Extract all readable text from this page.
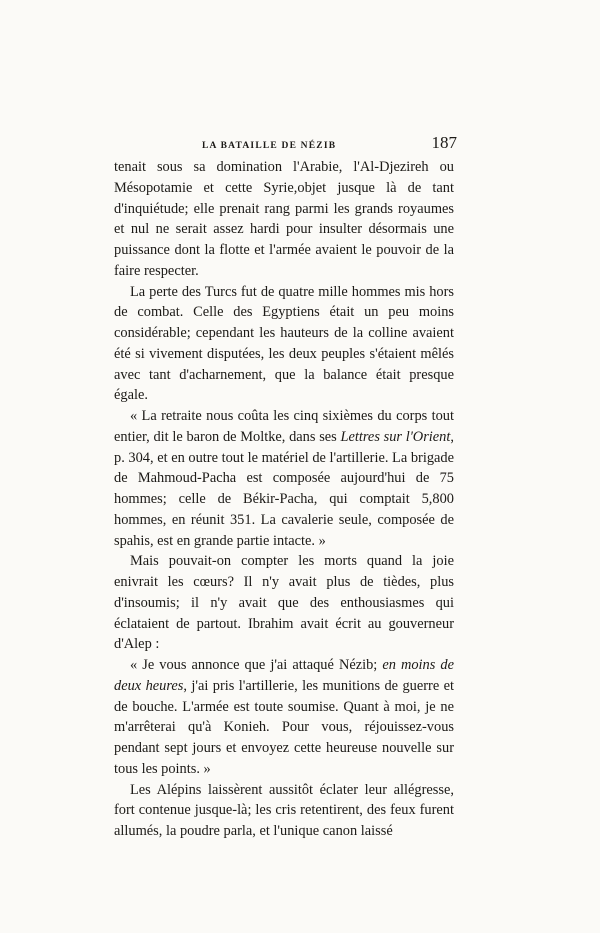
LA BATAILLE DE NÉZIB	187

tenait sous sa domination l'Arabie, l'Al-Djezireh ou Mésopotamie et cette Syrie,objet jusque là de tant d'inquiétude; elle prenait rang parmi les grands royaumes et nul ne serait assez hardi pour insulter désormais une puissance dont la flotte et l'armée avaient le pouvoir de la faire respecter.

La perte des Turcs fut de quatre mille hommes mis hors de combat. Celle des Egyptiens était un peu moins considérable; cependant les hauteurs de la colline avaient été si vivement disputées, les deux peuples s'étaient mêlés avec tant d'acharnement, que la balance était presque égale.

« La retraite nous coûta les cinq sixièmes du corps tout entier, dit le baron de Moltke, dans ses Lettres sur l'Orient, p. 304, et en outre tout le matériel de l'artillerie. La brigade de Mahmoud-Pacha est composée aujourd'hui de 75 hommes; celle de Békir-Pacha, qui comptait 5,800 hommes, en réunit 351. La cavalerie seule, composée de spahis, est en grande partie intacte. »

Mais pouvait-on compter les morts quand la joie enivrait les cœurs? Il n'y avait plus de tièdes, plus d'insoumis; il n'y avait que des enthousiasmes qui éclataient de partout. Ibrahim avait écrit au gouverneur d'Alep :

« Je vous annonce que j'ai attaqué Nézib; en moins de deux heures, j'ai pris l'artillerie, les munitions de guerre et de bouche. L'armée est toute soumise. Quant à moi, je ne m'arrêterai qu'à Konieh. Pour vous, réjouissez-vous pendant sept jours et envoyez cette heureuse nouvelle sur tous les points. »

Les Alépins laissèrent aussitôt éclater leur allégresse, fort contenue jusque-là; les cris retentirent, des feux furent allumés, la poudre parla, et l'unique canon laissé
